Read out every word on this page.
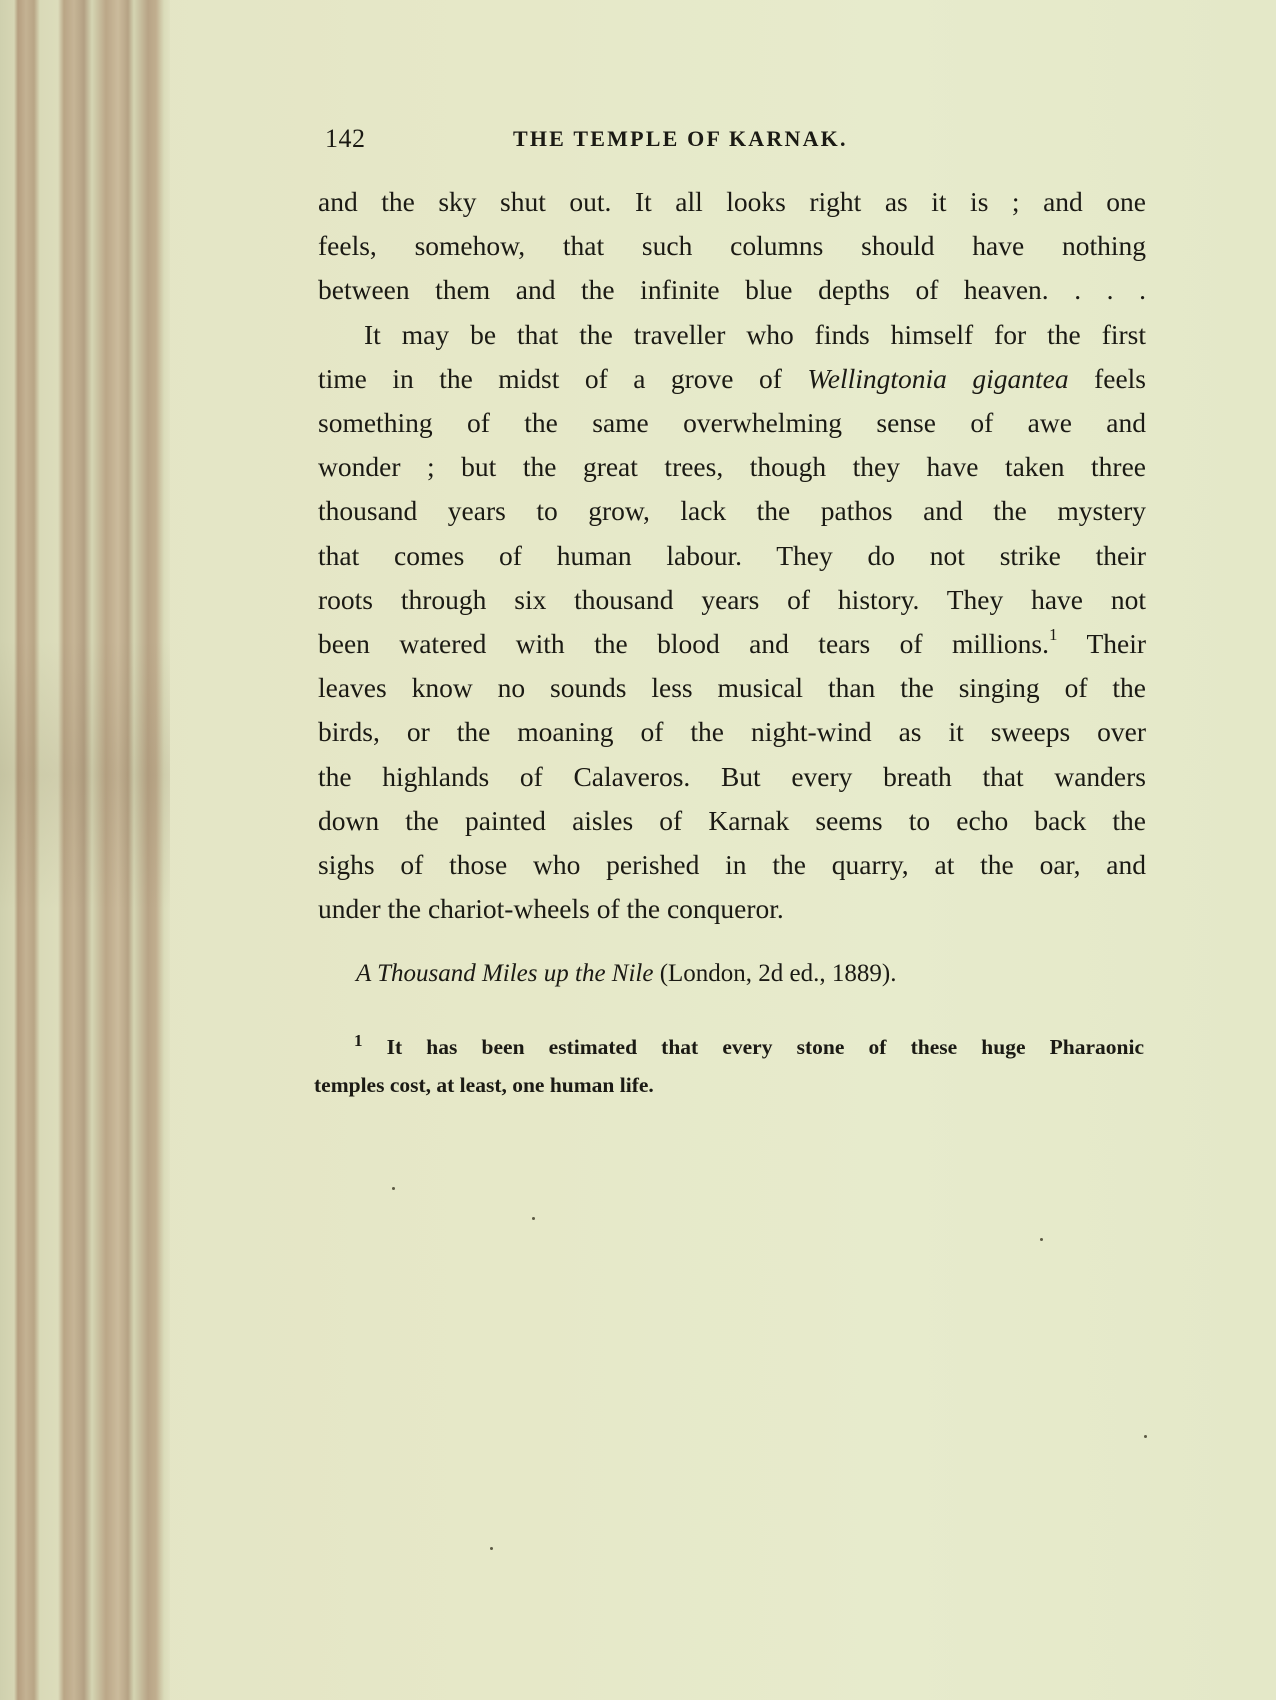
142	THE TEMPLE OF KARNAK.

and the sky shut out. It all looks right as it is ; and one
feels, somehow, that such columns should have nothing
between them and the infinite blue depths of heaven. . . .

It may be that the traveller who finds himself for the first
time in the midst of a grove of Wellingtonia gigantea feels
something of the same overwhelming sense of awe and
wonder ; but the great trees, though they have taken three
thousand years to grow, lack the pathos and the mystery
that comes of human labour. They do not strike their
roots through six thousand years of history. They have not
been watered with the blood and tears of millions.$^1$ Their
leaves know no sounds less musical than the singing of the
birds, or the moaning of the night-wind as it sweeps over
the highlands of Calaveros. But every breath that wanders
down the painted aisles of Karnak seems to echo back the
sighs of those who perished in the quarry, at the oar, and
under the chariot-wheels of the conqueror.

A Thousand Miles up the Nile (London, 2d ed., 1889).
$^1$ It has been estimated that every stone of these huge Pharaonic
temples cost, at least, one human life.
